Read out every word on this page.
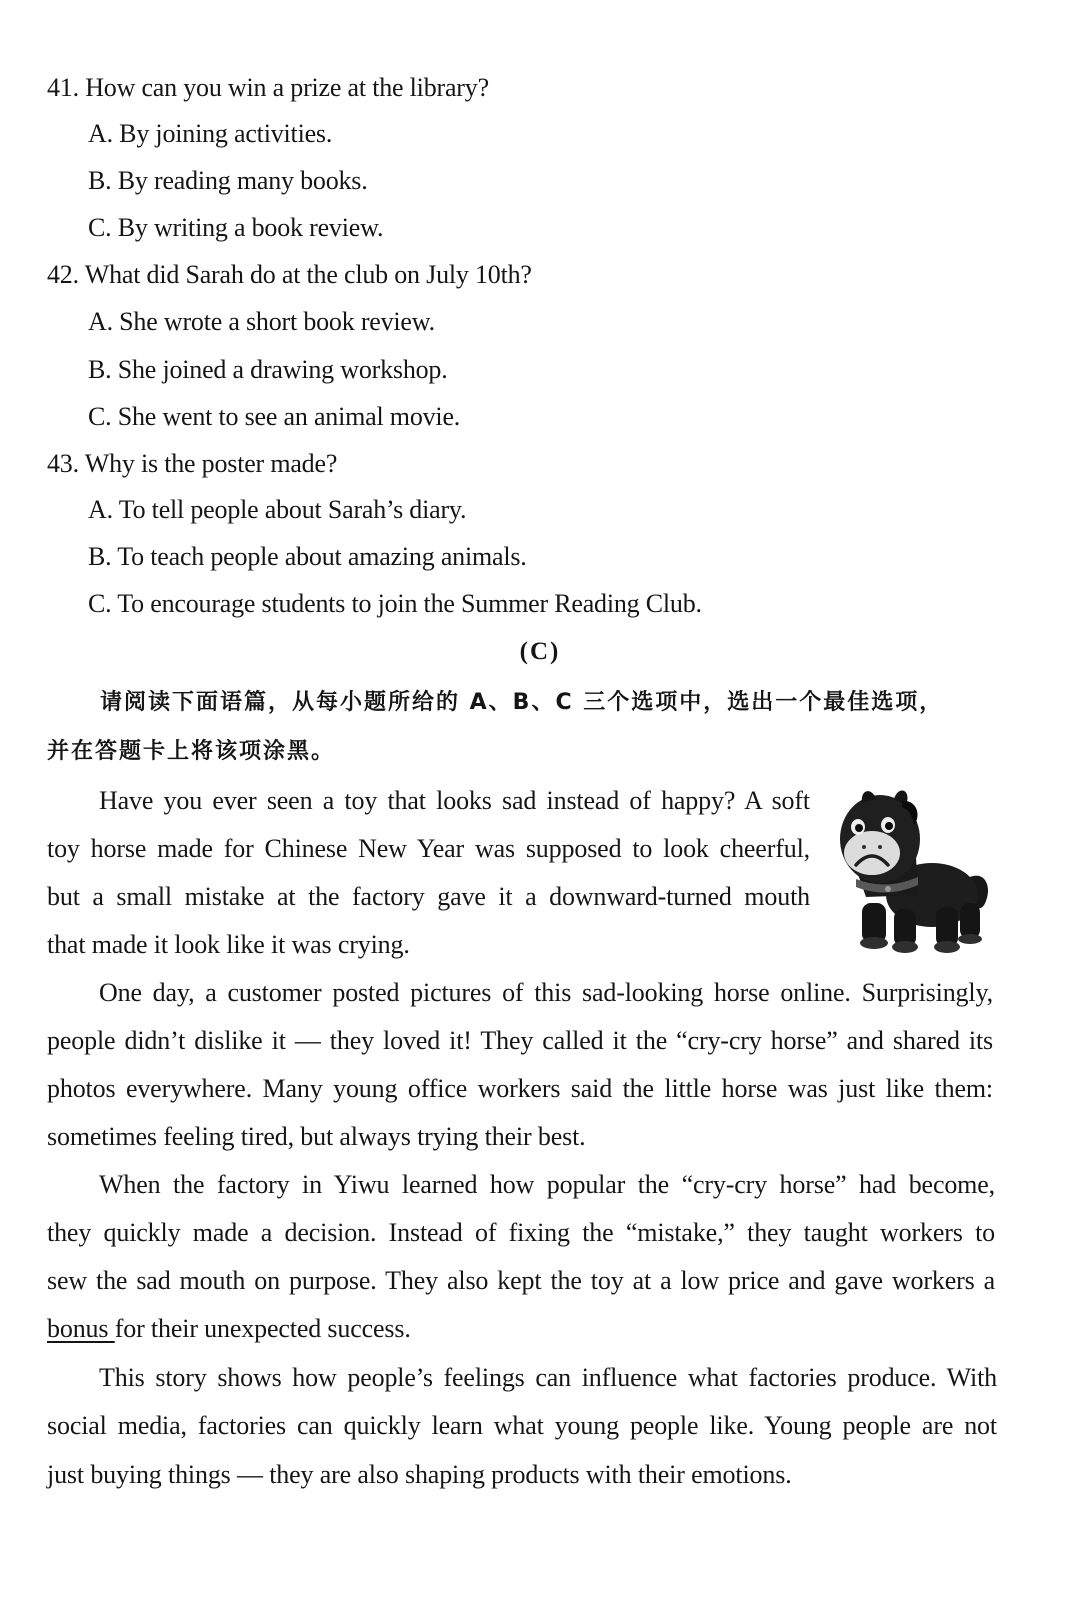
41. How can you win a prize at the library?
A. By joining activities.
B. By reading many books.
C. By writing a book review.
42. What did Sarah do at the club on July 10th?
A. She wrote a short book review.
B. She joined a drawing workshop.
C. She went to see an animal movie.
43. Why is the poster made?
A. To tell people about Sarah’s diary.
B. To teach people about amazing animals.
C. To encourage students to join the Summer Reading Club.
(C)
请阅读下面语篇，从每小题所给的 A、B、C 三个选项中，选出一个最佳选项，
并在答题卡上将该项涂黑。
Have you ever seen a toy that looks sad instead of happy? A soft
toy horse made for Chinese New Year was supposed to look cheerful,
but a small mistake at the factory gave it a downward-turned mouth
that made it look like it was crying.
One day, a customer posted pictures of this sad-looking horse online. Surprisingly,
people didn’t dislike it — they loved it! They called it the “cry-cry horse” and shared its
photos everywhere. Many young office workers said the little horse was just like them:
sometimes feeling tired, but always trying their best.
When the factory in Yiwu learned how popular the “cry-cry horse” had become,
they quickly made a decision. Instead of fixing the “mistake,” they taught workers to
sew the sad mouth on purpose. They also kept the toy at a low price and gave workers a
bonus for their unexpected success.
This story shows how people’s feelings can influence what factories produce. With
social media, factories can quickly learn what young people like. Young people are not
just buying things — they are also shaping products with their emotions.
